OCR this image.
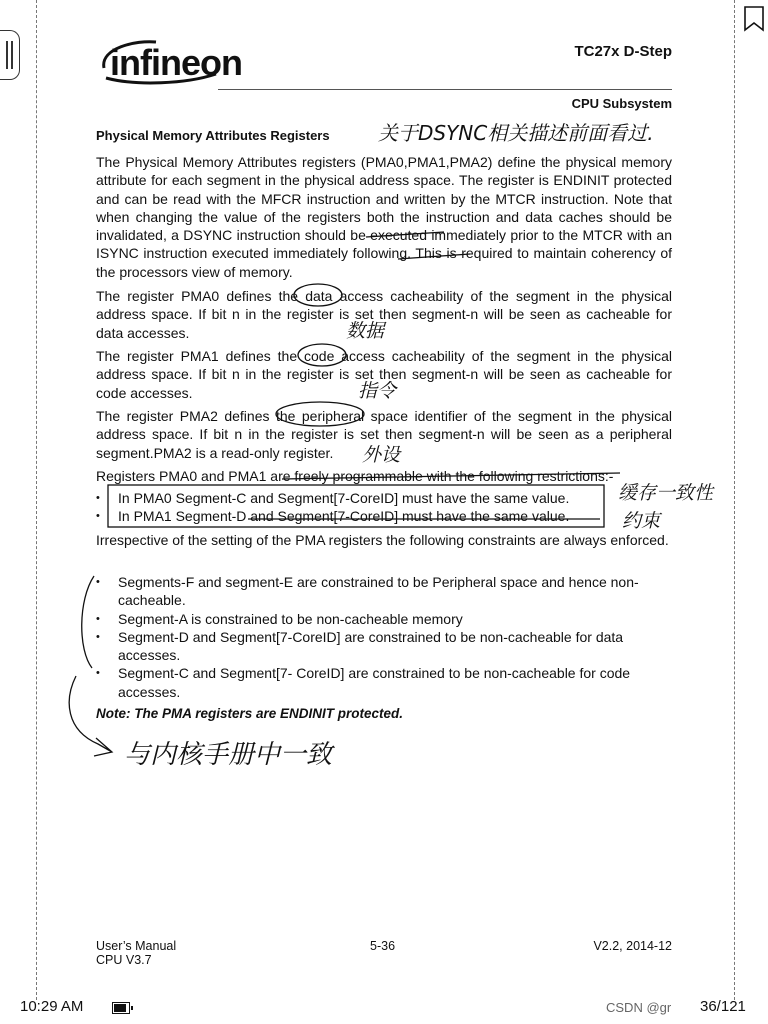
infineon	TC27x D-Step
CPU Subsystem
Physical Memory Attributes Registers

The Physical Memory Attributes registers (PMA0,PMA1,PMA2) define the physical memory attribute for each segment in the physical address space. The register is ENDINIT protected and can be read with the MFCR instruction and written by the MTCR instruction. Note that when changing the value of the registers both the instruction and data caches should be invalidated, a DSYNC instruction should be executed immediately prior to the MTCR with an ISYNC instruction executed immediately following. This is required to maintain coherency of the processors view of memory.

The register PMA0 defines the data access cacheability of the segment in the physical address space. If bit n in the register is set then segment-n will be seen as cacheable for data accesses.

The register PMA1 defines the code access cacheability of the segment in the physical address space. If bit n in the register is set then segment-n will be seen as cacheable for code accesses.

The register PMA2 defines the peripheral space identifier of the segment in the physical address space. If bit n in the register is set then segment-n will be seen as a peripheral segment.PMA2 is a read-only register.

Registers PMA0 and PMA1 are freely programmable with the following restrictions:-

• In PMA0 Segment-C and Segment[7-CoreID] must have the same value.
• In PMA1 Segment-D and Segment[7-CoreID] must have the same value.

Irrespective of the setting of the PMA registers the following constraints are always enforced.

• Segments-F and segment-E are constrained to be Peripheral space and hence non-cacheable.
• Segment-A is constrained to be non-cacheable memory
• Segment-D and Segment[7-CoreID] are constrained to be non-cacheable for data accesses.
• Segment-C and Segment[7- CoreID] are constrained to be non-cacheable for code accesses.
Note: The PMA registers are ENDINIT protected.
User’s Manual
CPU V3.7
5-36	V2.2, 2014-12
关于DSYNC相关描述前面看过.
数据
指令
外设
缓存一致性
约束
与内核手册中一致
10:29 AM	CSDN @gr 36/121
